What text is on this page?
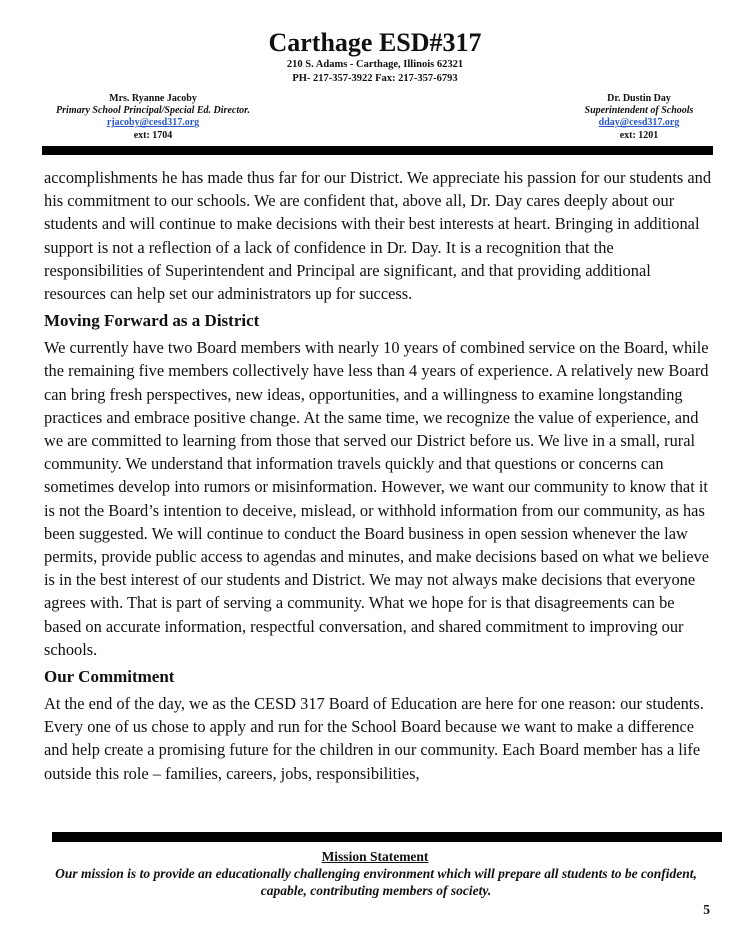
Carthage ESD#317
210 S. Adams - Carthage, Illinois 62321
PH- 217-357-3922 Fax: 217-357-6793
Mrs. Ryanne Jacoby
Primary School Principal/Special Ed. Director.
rjacoby@cesd317.org
ext: 1704
Dr. Dustin Day
Superintendent of Schools
dday@cesd317.org
ext: 1201

accomplishments he has made thus far for our District. We appreciate his passion for our students and his commitment to our schools. We are confident that, above all, Dr. Day cares deeply about our students and will continue to make decisions with their best interests at heart. Bringing in additional support is not a reflection of a lack of confidence in Dr. Day. It is a recognition that the responsibilities of Superintendent and Principal are significant, and that providing additional resources can help set our administrators up for success.

Moving Forward as a District

We currently have two Board members with nearly 10 years of combined service on the Board, while the remaining five members collectively have less than 4 years of experience. A relatively new Board can bring fresh perspectives, new ideas, opportunities, and a willingness to examine longstanding practices and embrace positive change. At the same time, we recognize the value of experience, and we are committed to learning from those that served our District before us. We live in a small, rural community. We understand that information travels quickly and that questions or concerns can sometimes develop into rumors or misinformation. However, we want our community to know that it is not the Board’s intention to deceive, mislead, or withhold information from our community, as has been suggested. We will continue to conduct the Board business in open session whenever the law permits, provide public access to agendas and minutes, and make decisions based on what we believe is in the best interest of our students and District. We may not always make decisions that everyone agrees with. That is part of serving a community. What we hope for is that disagreements can be based on accurate information, respectful conversation, and shared commitment to improving our schools.

Our Commitment

At the end of the day, we as the CESD 317 Board of Education are here for one reason: our students. Every one of us chose to apply and run for the School Board because we want to make a difference and help create a promising future for the children in our community. Each Board member has a life outside this role – families, careers, jobs, responsibilities,

Mission Statement
Our mission is to provide an educationally challenging environment which will prepare all students to be confident, capable, contributing members of society.
5
